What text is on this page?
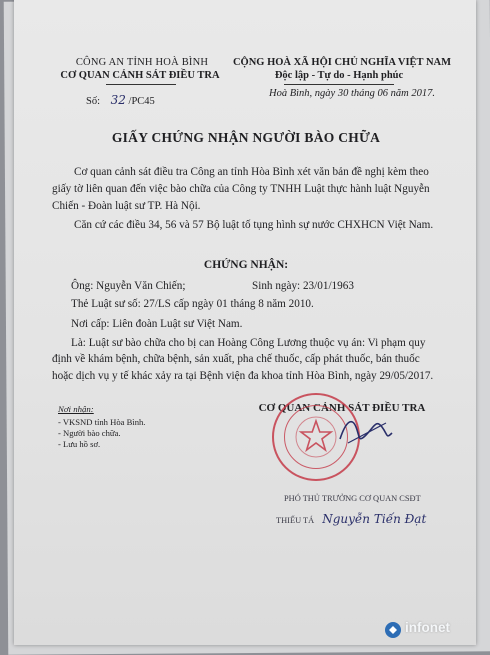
CÔNG AN TỈNH HOÀ BÌNH
CƠ QUAN CẢNH SÁT ĐIỀU TRA
Số: 32 /PC45
CỘNG HOÀ XÃ HỘI CHỦ NGHĨA VIỆT NAM
Độc lập - Tự do - Hạnh phúc
Hoà Bình, ngày 30 tháng 06 năm 2017.
GIẤY CHỨNG NHẬN NGƯỜI BÀO CHỮA
Cơ quan cảnh sát điều tra Công an tỉnh Hòa Bình xét văn bản đề nghị kèm theo
giấy tờ liên quan đến việc bào chữa của Công ty TNHH Luật thực hành luật Nguyễn
Chiến - Đoàn luật sư TP. Hà Nội.
Căn cứ các điều 34, 56 và 57 Bộ luật tố tụng hình sự nước CHXHCN Việt Nam.
CHỨNG NHẬN:
Ông: Nguyễn Văn Chiến;	Sinh ngày: 23/01/1963
Thẻ Luật sư số: 27/LS cấp ngày 01 tháng 8 năm 2010.
Nơi cấp: Liên đoàn Luật sư Việt Nam.
Là: Luật sư bào chữa cho bị can Hoàng Công Lương thuộc vụ án: Vi phạm quy
định về khám bệnh, chữa bệnh, sản xuất, pha chế thuốc, cấp phát thuốc, bán thuốc
hoặc dịch vụ y tế khác xảy ra tại Bệnh viện đa khoa tỉnh Hòa Bình, ngày 29/05/2017.
Nơi nhận:
- VKSND tỉnh Hòa Bình.
- Người bào chữa.
- Lưu hồ sơ.
CƠ QUAN CẢNH SÁT ĐIỀU TRA
PHÓ THỦ TRƯỞNG CƠ QUAN CSĐT
THIẾU TÁ Nguyễn Tiến Đạt
infonet
